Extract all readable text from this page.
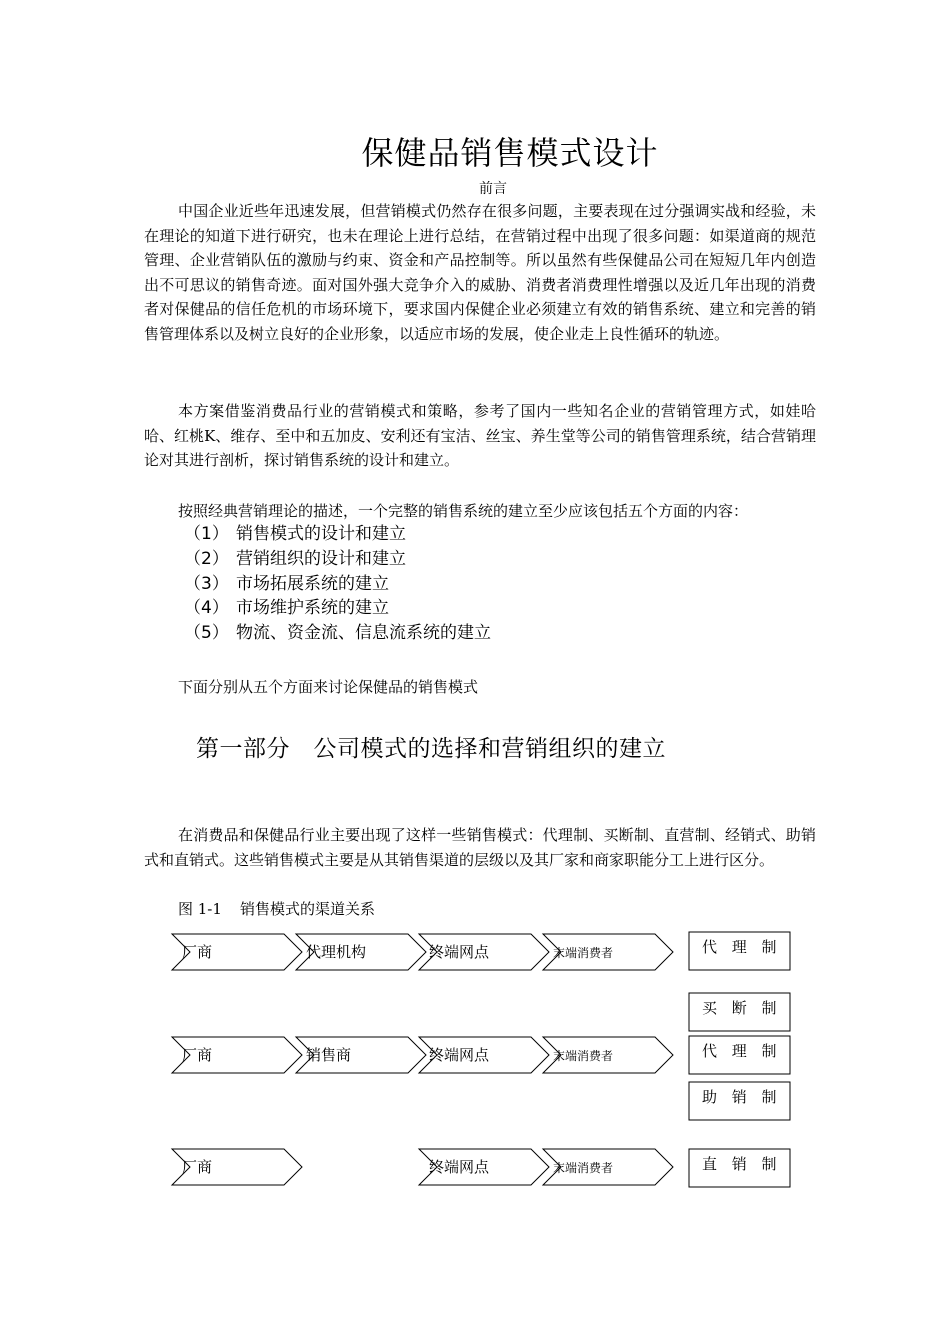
保健品销售模式设计
前言

中国企业近些年迅速发展，但营销模式仍然存在很多问题，主要表现在过分强调实战和经验，未在理论的知道下进行研究，也未在理论上进行总结，在营销过程中出现了很多问题：如渠道商的规范管理、企业营销队伍的激励与约束、资金和产品控制等。所以虽然有些保健品公司在短短几年内创造出不可思议的销售奇迹。面对国外强大竞争介入的威胁、消费者消费理性增强以及近几年出现的消费者对保健品的信任危机的市场环境下，要求国内保健企业必须建立有效的销售系统、建立和完善的销售管理体系以及树立良好的企业形象，以适应市场的发展，使企业走上良性循环的轨迹。

本方案借鉴消费品行业的营销模式和策略，参考了国内一些知名企业的营销管理方式，如娃哈哈、红桃K、维存、至中和五加皮、安利还有宝洁、丝宝、养生堂等公司的销售管理系统，结合营销理论对其进行剖析，探讨销售系统的设计和建立。

按照经典营销理论的描述，一个完整的销售系统的建立至少应该包括五个方面的内容：
（1） 销售模式的设计和建立
（2） 营销组织的设计和建立
（3） 市场拓展系统的建立
（4） 市场维护系统的建立
（5） 物流、资金流、信息流系统的建立
下面分别从五个方面来讨论保健品的销售模式
第一部分　公司模式的选择和营销组织的建立

在消费品和保健品行业主要出现了这样一些销售模式：代理制、买断制、直营制、经销式、助销式和直销式。这些销售模式主要是从其销售渠道的层级以及其厂家和商家职能分工上进行区分。

图 1-1 销售模式的渠道关系
厂商	代理机构	终端网点	末端消费者	代 理 制
厂商	销售商	终端网点	末端消费者
买 断 制
代 理 制
助 销 制
厂商	终端网点	末端消费者	直 销 制
